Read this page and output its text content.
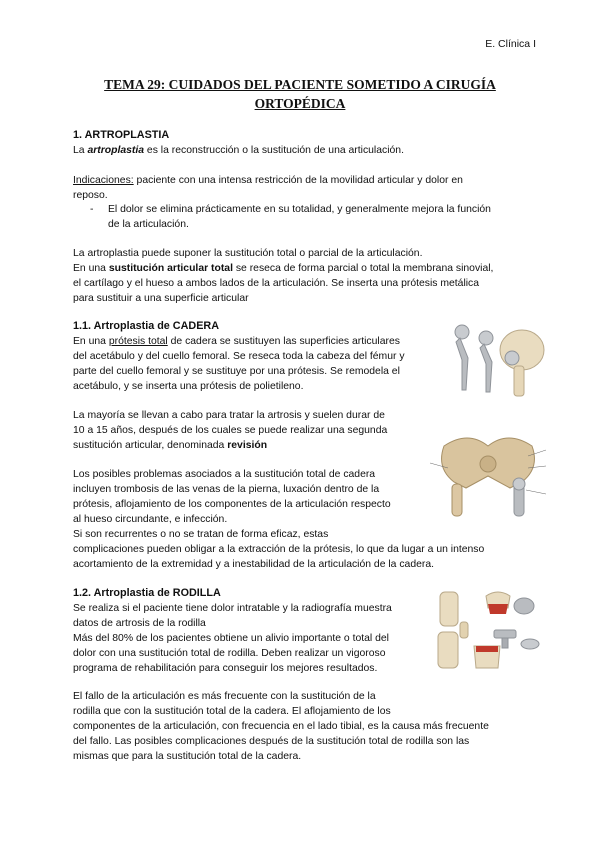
E. Clínica I
TEMA 29: CUIDADOS DEL PACIENTE SOMETIDO A CIRUGÍA
ORTOPÉDICA
1. ARTROPLASTIA
La artroplastia es la reconstrucción o la sustitución de una articulación.
Indicaciones: paciente con una intensa restricción de la movilidad articular y dolor en
reposo.
- El dolor se elimina prácticamente en su totalidad, y generalmente mejora la función
de la articulación.
La artroplastia puede suponer la sustitución total o parcial de la articulación.
En una sustitución articular total se reseca de forma parcial o total la membrana sinovial,
el cartílago y el hueso a ambos lados de la articulación. Se inserta una prótesis metálica
para sustituir a una superficie articular
1.1. Artroplastia de CADERA
En una prótesis total de cadera se sustituyen las superficies articulares
del acetábulo y del cuello femoral. Se reseca toda la cabeza del fémur y
parte del cuello femoral y se sustituye por una prótesis. Se remodela el
acetábulo, y se inserta una prótesis de polietileno.
La mayoría se llevan a cabo para tratar la artrosis y suelen durar de
10 a 15 años, después de los cuales se puede realizar una segunda
sustitución articular, denominada revisión
Los posibles problemas asociados a la sustitución total de cadera
incluyen trombosis de las venas de la pierna, luxación dentro de la
prótesis, aflojamiento de los componentes de la articulación respecto
al hueso circundante, e infección.
Si son recurrentes o no se tratan de forma eficaz, estas
complicaciones pueden obligar a la extracción de la prótesis, lo que da lugar a un intenso
acortamiento de la extremidad y a inestabilidad de la articulación de la cadera.
1.2. Artroplastia de RODILLA
Se realiza si el paciente tiene dolor intratable y la radiografía muestra
datos de artrosis de la rodilla
Más del 80% de los pacientes obtiene un alivio importante o total del
dolor con una sustitución total de rodilla. Deben realizar un vigoroso
programa de rehabilitación para conseguir los mejores resultados.
El fallo de la articulación es más frecuente con la sustitución de la
rodilla que con la sustitución total de la cadera. El aflojamiento de los
componentes de la articulación, con frecuencia en el lado tibial, es la causa más frecuente
del fallo. Las posibles complicaciones después de la sustitución total de rodilla son las
mismas que para la sustitución total de la cadera.
